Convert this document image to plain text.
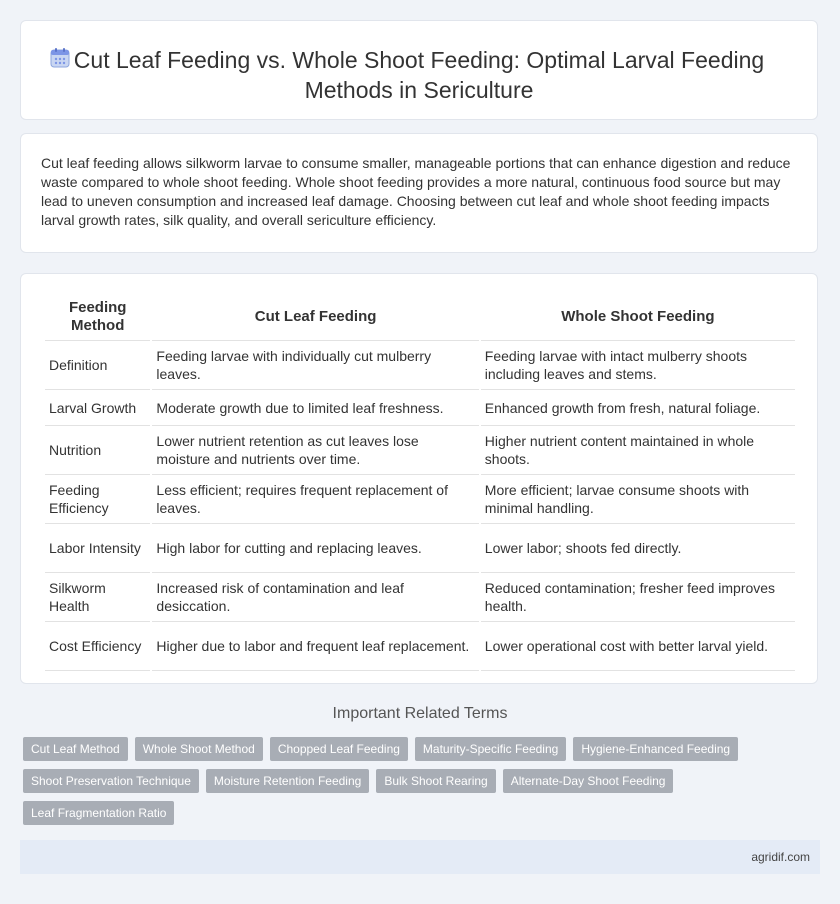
Cut Leaf Feeding vs. Whole Shoot Feeding: Optimal Larval Feeding Methods in Sericulture

Cut leaf feeding allows silkworm larvae to consume smaller, manageable portions that can enhance digestion and reduce waste compared to whole shoot feeding. Whole shoot feeding provides a more natural, continuous food source but may lead to uneven consumption and increased leaf damage. Choosing between cut leaf and whole shoot feeding impacts larval growth rates, silk quality, and overall sericulture efficiency.

Feeding Method	Cut Leaf Feeding	Whole Shoot Feeding
Definition	Feeding larvae with individually cut mulberry leaves.	Feeding larvae with intact mulberry shoots including leaves and stems.
Larval Growth	Moderate growth due to limited leaf freshness.	Enhanced growth from fresh, natural foliage.
Nutrition	Lower nutrient retention as cut leaves lose moisture and nutrients over time.	Higher nutrient content maintained in whole shoots.
Feeding Efficiency	Less efficient; requires frequent replacement of leaves.	More efficient; larvae consume shoots with minimal handling.
Labor Intensity	High labor for cutting and replacing leaves.	Lower labor; shoots fed directly.
Silkworm Health	Increased risk of contamination and leaf desiccation.	Reduced contamination; fresher feed improves health.
Cost Efficiency	Higher due to labor and frequent leaf replacement.	Lower operational cost with better larval yield.
Important Related Terms
Cut Leaf Method	Whole Shoot Method	Chopped Leaf Feeding	Maturity-Specific Feeding	Hygiene-Enhanced Feeding
Shoot Preservation Technique	Moisture Retention Feeding	Bulk Shoot Rearing	Alternate-Day Shoot Feeding
Leaf Fragmentation Ratio
agridif.com
